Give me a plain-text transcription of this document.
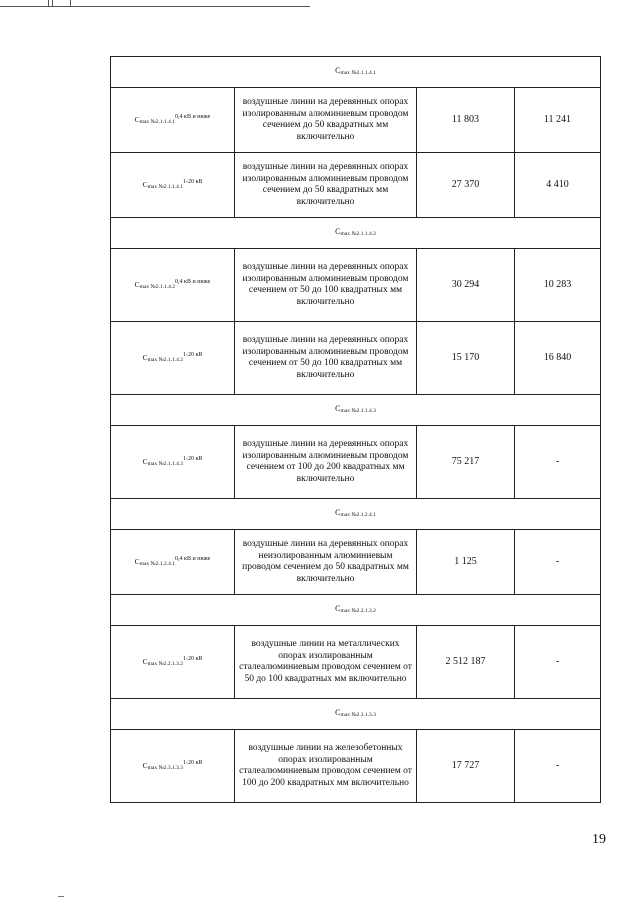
Cmax №2.1.1.4.1			
Cmax $№2.1.1.4.1^{0,4 кВ и ниже}$	воздушные линии на деревянных опорах изолированным алюминиевым проводом сечением до 50 квадратных мм включительно	11 803	11 241
Cmax $№2.1.1.4.1^{1-20 кВ}$	воздушные линии на деревянных опорах изолированным алюминиевым проводом сечением до 50 квадратных мм включительно	27 370	4 410
Cmax №2.1.1.4.2			
Cmax $№2.1.1.4.2^{0,4 кВ и ниже}$	воздушные линии на деревянных опорах изолированным алюминиевым проводом сечением от 50 до 100 квадратных мм включительно	30 294	10 283
Cmax $№2.1.1.4.2^{1-20 кВ}$	воздушные линии на деревянных опорах изолированным алюминиевым проводом сечением от 50 до 100 квадратных мм включительно	15 170	16 840
Cmax №2.1.1.4.3			
Cmax $№2.1.1.4.3^{1-20 кВ}$	воздушные линии на деревянных опорах изолированным алюминиевым проводом сечением от 100 до 200 квадратных мм включительно	75 217	-
Cmax №2.1.2.4.1			
Cmax $№2.1.2.4.1^{0,4 кВ и ниже}$	воздушные линии на деревянных опорах неизолированным алюминиевым проводом сечением до 50 квадратных мм включительно	1 125	-
Cmax №2.2.1.3.2			
Cmax $№2.2.1.3.2^{1-20 кВ}$	воздушные линии на металлических опорах изолированным сталеалюминиевым проводом сечением от 50 до 100 квадратных мм включительно	2 512 187	-
Cmax №2.3.1.3.3			
Cmax $№2.3.1.3.3^{1-20 кВ}$	воздушные линии на железобетонных опорах изолированным сталеалюминиевым проводом сечением от 100 до 200 квадратных мм включительно	17 727	-
19
